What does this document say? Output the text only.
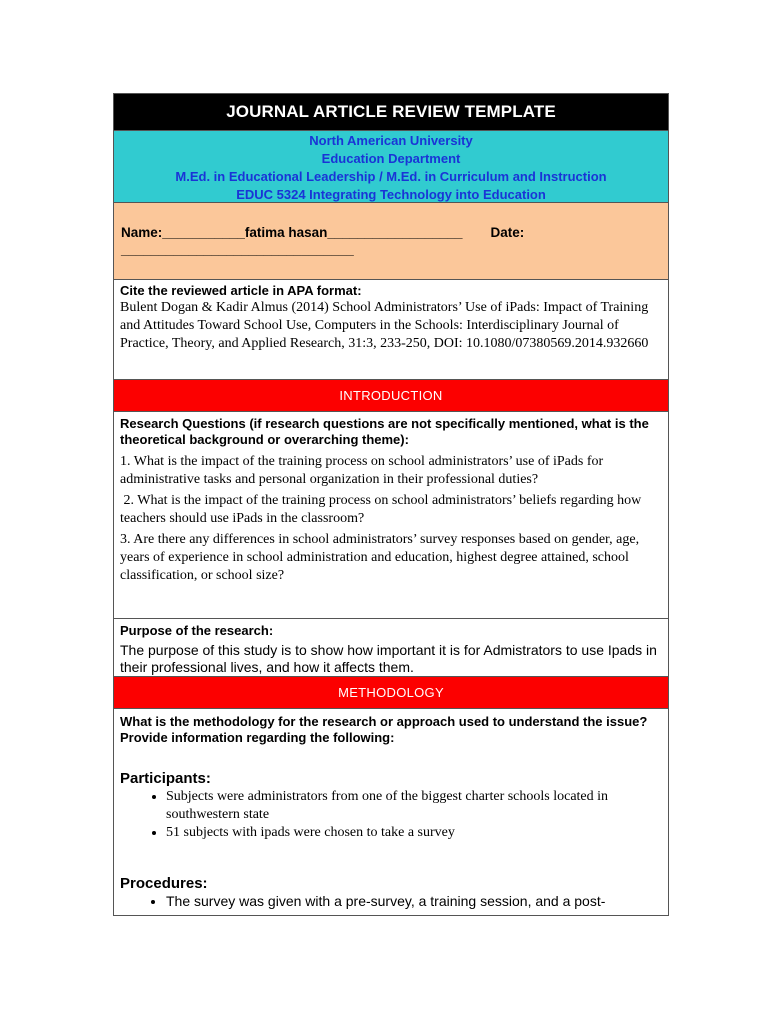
JOURNAL ARTICLE REVIEW TEMPLATE
North American University
Education Department
M.Ed. in Educational Leadership / M.Ed. in Curriculum and Instruction
EDUC 5324 Integrating Technology into Education
Name:___________fatima hasan__________________ Date:
_______________________________
Cite the reviewed article in APA format:
Bulent Dogan & Kadir Almus (2014) School Administrators’ Use of iPads: Impact of Training and Attitudes Toward School Use, Computers in the Schools: Interdisciplinary Journal of Practice, Theory, and Applied Research, 31:3, 233-250, DOI: 10.1080/07380569.2014.932660
INTRODUCTION
Research Questions (if research questions are not specifically mentioned, what is the theoretical background or overarching theme):

1. What is the impact of the training process on school administrators’ use of iPads for administrative tasks and personal organization in their professional duties?

2. What is the impact of the training process on school administrators’ beliefs regarding how teachers should use iPads in the classroom?

3. Are there any differences in school administrators’ survey responses based on gender, age, years of experience in school administration and education, highest degree attained, school classification, or school size?

Purpose of the research:
The purpose of this study is to show how important it is for Admistrators to use Ipads in their professional lives, and how it affects them.
METHODOLOGY
What is the methodology for the research or approach used to understand the issue? Provide information regarding the following:
Participants:
• Subjects were administrators from one of the biggest charter schools located in southwestern state
• 51 subjects with ipads were chosen to take a survey
Procedures:
• The survey was given with a pre-survey, a training session, and a post-
